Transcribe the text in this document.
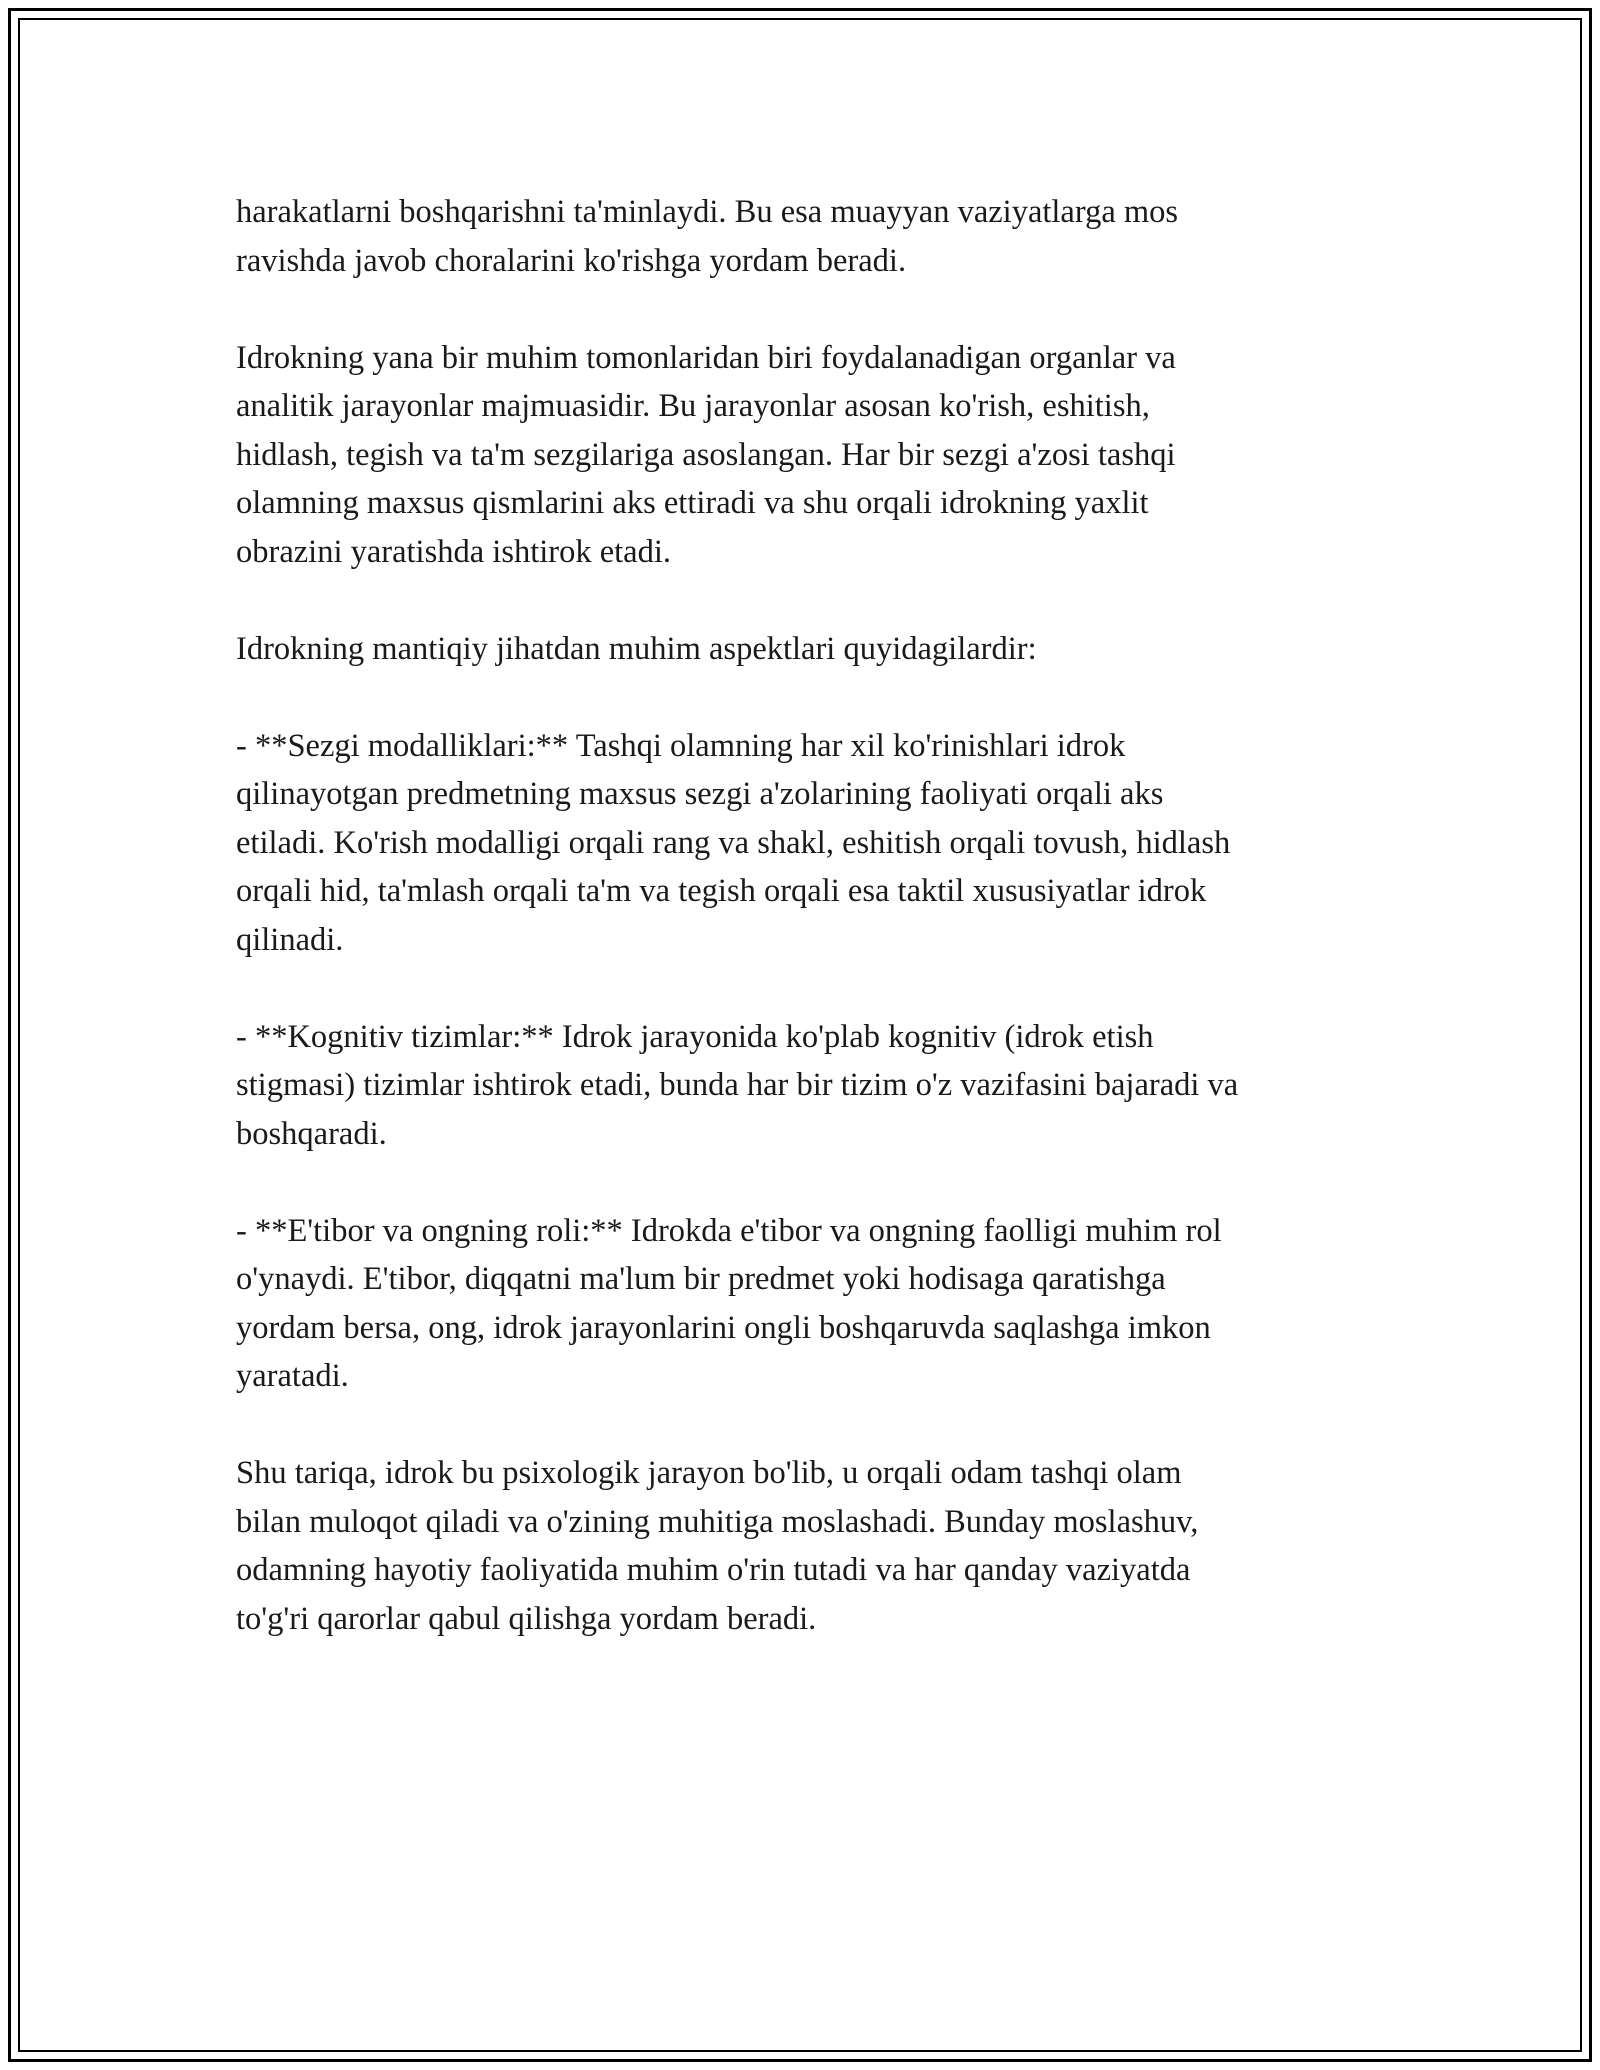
harakatlarni boshqarishni ta'minlaydi. Bu esa muayyan vaziyatlarga mos
ravishda javob choralarini ko'rishga yordam beradi.

Idrokning yana bir muhim tomonlaridan biri foydalanadigan organlar va
analitik jarayonlar majmuasidir. Bu jarayonlar asosan ko'rish, eshitish,
hidlash, tegish va ta'm sezgilariga asoslangan. Har bir sezgi a'zosi tashqi
olamning maxsus qismlarini aks ettiradi va shu orqali idrokning yaxlit
obrazini yaratishda ishtirok etadi.

Idrokning mantiqiy jihatdan muhim aspektlari quyidagilardir:

- **Sezgi modalliklari:** Tashqi olamning har xil ko'rinishlari idrok
qilinayotgan predmetning maxsus sezgi a'zolarining faoliyati orqali aks
etiladi. Ko'rish modalligi orqali rang va shakl, eshitish orqali tovush, hidlash
orqali hid, ta'mlash orqali ta'm va tegish orqali esa taktil xususiyatlar idrok
qilinadi.

- **Kognitiv tizimlar:** Idrok jarayonida ko'plab kognitiv (idrok etish
stigmasi) tizimlar ishtirok etadi, bunda har bir tizim o'z vazifasini bajaradi va
boshqaradi.

- **E'tibor va ongning roli:** Idrokda e'tibor va ongning faolligi muhim rol
o'ynaydi. E'tibor, diqqatni ma'lum bir predmet yoki hodisaga qaratishga
yordam bersa, ong, idrok jarayonlarini ongli boshqaruvda saqlashga imkon
yaratadi.

Shu tariqa, idrok bu psixologik jarayon bo'lib, u orqali odam tashqi olam
bilan muloqot qiladi va o'zining muhitiga moslashadi. Bunday moslashuv,
odamning hayotiy faoliyatida muhim o'rin tutadi va har qanday vaziyatda
to'g'ri qarorlar qabul qilishga yordam beradi.
